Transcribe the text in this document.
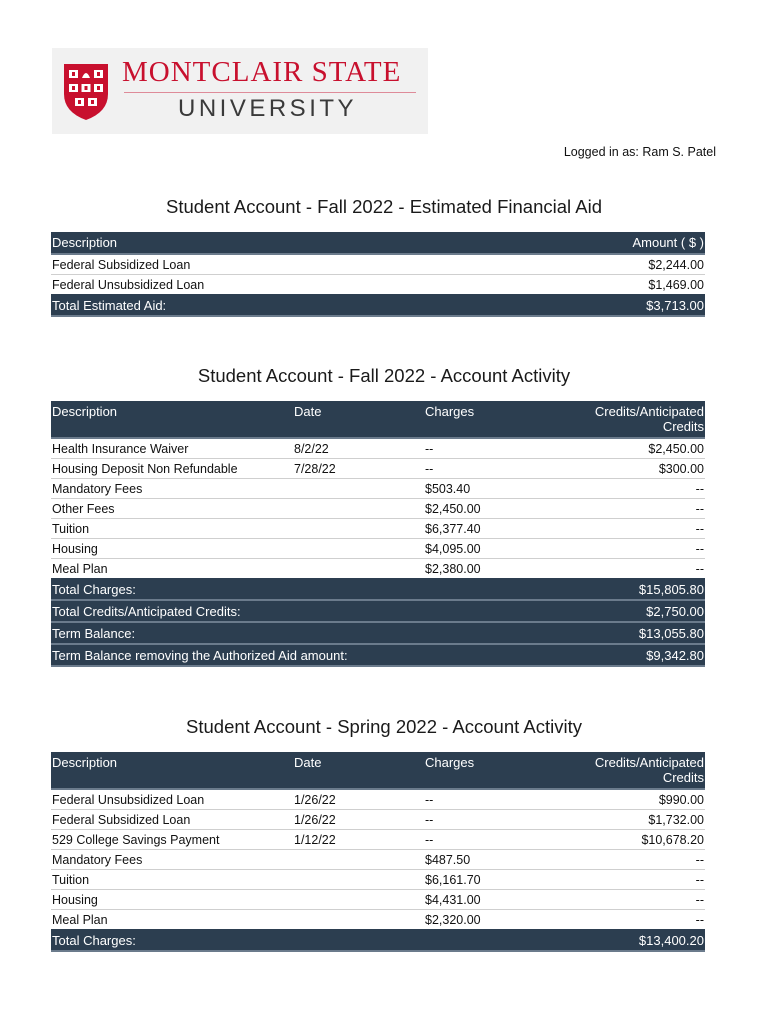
MONTCLAIR STATE
UNIVERSITY
Logged in as: Ram S. Patel
Student Account - Fall 2022 - Estimated Financial Aid
Description	Amount ( $ )
Federal Subsidized Loan	$2,244.00
Federal Unsubsidized Loan	$1,469.00
Total Estimated Aid:	$3,713.00
Student Account - Fall 2022 - Account Activity
Description	Date	Charges	Credits/Anticipated Credits
Health Insurance Waiver	8/2/22	--	$2,450.00
Housing Deposit Non Refundable	7/28/22	--	$300.00
Mandatory Fees		$503.40	--
Other Fees		$2,450.00	--
Tuition		$6,377.40	--
Housing		$4,095.00	--
Meal Plan		$2,380.00	--
Total Charges:			$15,805.80
Total Credits/Anticipated Credits:			$2,750.00
Term Balance:			$13,055.80
Term Balance removing the Authorized Aid amount:			$9,342.80
Student Account - Spring 2022 - Account Activity
Description	Date	Charges	Credits/Anticipated Credits
Federal Unsubsidized Loan	1/26/22	--	$990.00
Federal Subsidized Loan	1/26/22	--	$1,732.00
529 College Savings Payment	1/12/22	--	$10,678.20
Mandatory Fees		$487.50	--
Tuition		$6,161.70	--
Housing		$4,431.00	--
Meal Plan		$2,320.00	--
Total Charges:			$13,400.20
